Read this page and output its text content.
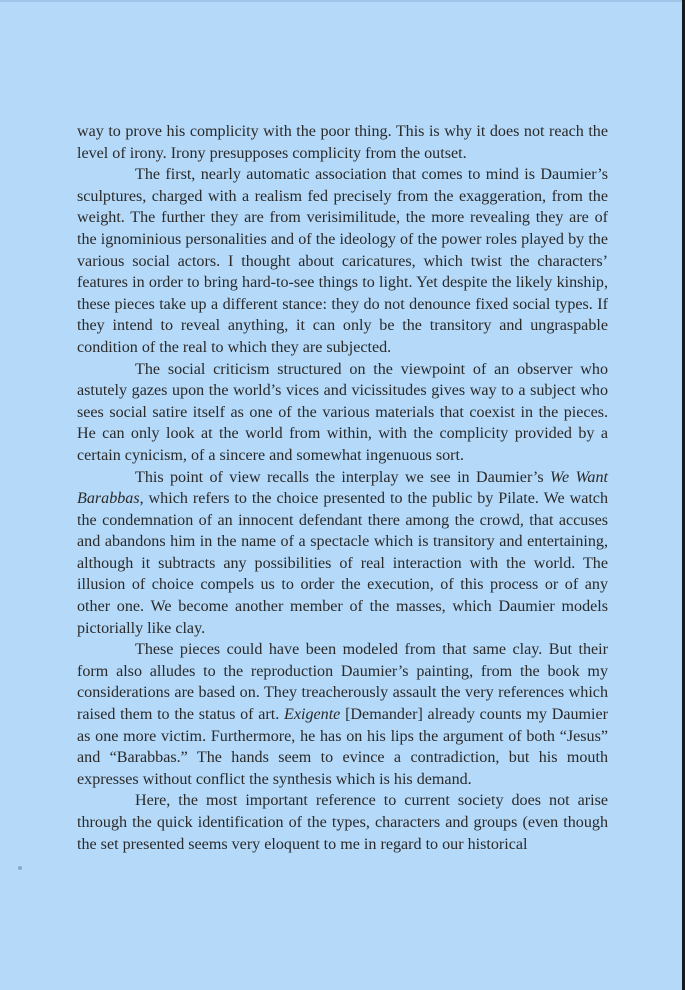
way to prove his complicity with the poor thing. This is why it does not reach the level of irony. Irony presupposes complicity from the outset.

The first, nearly automatic association that comes to mind is Daumier’s sculptures, charged with a realism fed precisely from the exaggeration, from the weight. The further they are from verisimilitude, the more revealing they are of the ignominious personalities and of the ideology of the power roles played by the various social actors. I thought about caricatures, which twist the characters’ features in order to bring hard-to-see things to light. Yet despite the likely kinship, these pieces take up a different stance: they do not denounce fixed social types. If they intend to reveal anything, it can only be the transitory and ungraspable condition of the real to which they are subjected.

The social criticism structured on the viewpoint of an observer who astutely gazes upon the world’s vices and vicissitudes gives way to a subject who sees social satire itself as one of the various materials that coexist in the pieces. He can only look at the world from within, with the complicity provided by a certain cynicism, of a sincere and somewhat ingenuous sort.

This point of view recalls the interplay we see in Daumier’s We Want Barabbas, which refers to the choice presented to the public by Pilate. We watch the condemnation of an innocent defendant there among the crowd, that accuses and abandons him in the name of a spectacle which is transitory and entertaining, although it subtracts any possibilities of real interaction with the world. The illusion of choice compels us to order the execution, of this process or of any other one. We become another member of the masses, which Daumier models pictorially like clay.

These pieces could have been modeled from that same clay. But their form also alludes to the reproduction Daumier’s painting, from the book my considerations are based on. They treacherously assault the very references which raised them to the status of art. Exigente [Demander] already counts my Daumier as one more victim. Furthermore, he has on his lips the argument of both “Jesus” and “Barabbas.” The hands seem to evince a contradiction, but his mouth expresses without conflict the synthesis which is his demand.

Here, the most important reference to current society does not arise through the quick identification of the types, characters and groups (even though the set presented seems very eloquent to me in regard to our historical
